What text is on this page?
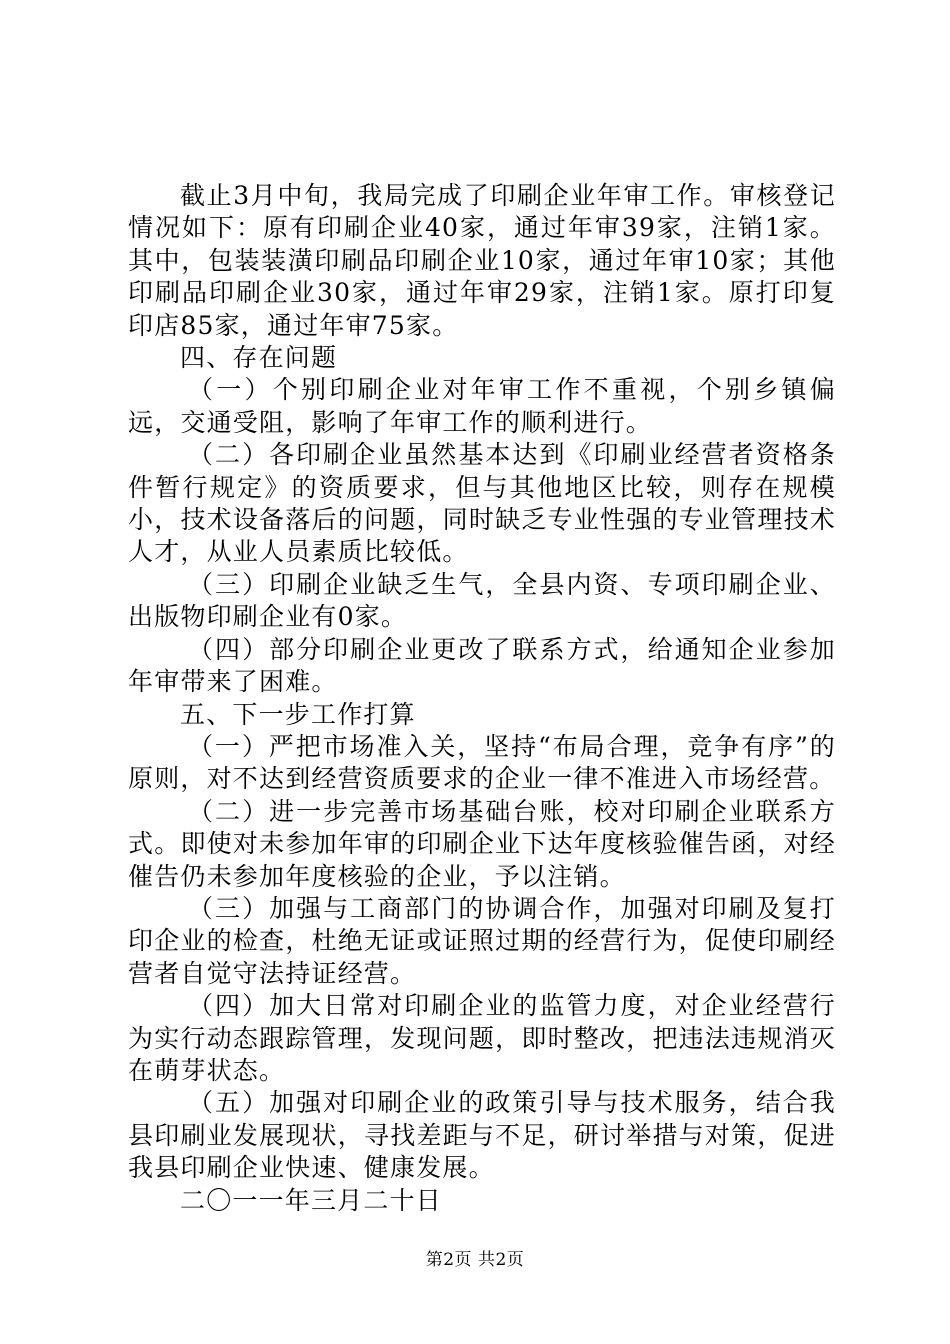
截止3月中旬，我局完成了印刷企业年审工作。审核登记情况如下：原有印刷企业40家，通过年审39家，注销1家。其中，包装装潢印刷品印刷企业10家，通过年审10家；其他印刷品印刷企业30家，通过年审29家，注销1家。原打印复印店85家，通过年审75家。

四、存在问题

（一）个别印刷企业对年审工作不重视，个别乡镇偏远，交通受阻，影响了年审工作的顺利进行。

（二）各印刷企业虽然基本达到《印刷业经营者资格条件暂行规定》的资质要求，但与其他地区比较，则存在规模小，技术设备落后的问题，同时缺乏专业性强的专业管理技术人才，从业人员素质比较低。

（三）印刷企业缺乏生气，全县内资、专项印刷企业、出版物印刷企业有0家。

（四）部分印刷企业更改了联系方式，给通知企业参加年审带来了困难。

五、下一步工作打算

（一）严把市场准入关，坚持“布局合理，竞争有序”的原则，对不达到经营资质要求的企业一律不准进入市场经营。

（二）进一步完善市场基础台账，校对印刷企业联系方式。即使对未参加年审的印刷企业下达年度核验催告函，对经催告仍未参加年度核验的企业，予以注销。

（三）加强与工商部门的协调合作，加强对印刷及复打印企业的检查，杜绝无证或证照过期的经营行为，促使印刷经营者自觉守法持证经营。

（四）加大日常对印刷企业的监管力度，对企业经营行为实行动态跟踪管理，发现问题，即时整改，把违法违规消灭在萌芽状态。

（五）加强对印刷企业的政策引导与技术服务，结合我县印刷业发展现状，寻找差距与不足，研讨举措与对策，促进我县印刷企业快速、健康发展。

二〇一一年三月二十日

第2页 共2页
